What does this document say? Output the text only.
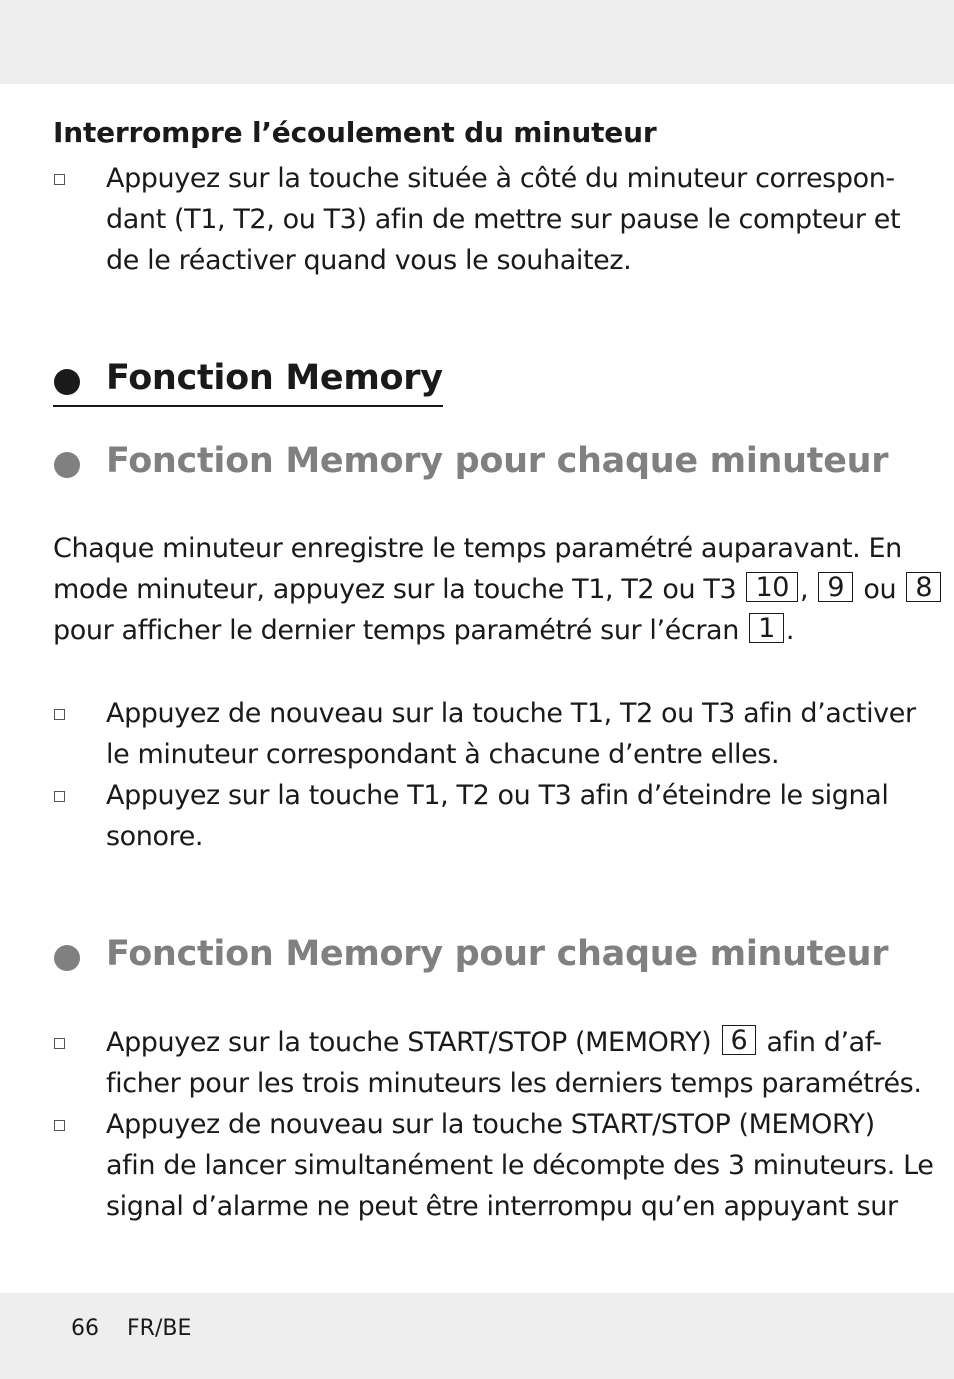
Interrompre l’écoulement du minuteur
Appuyez sur la touche située à côté du minuteur correspon-
dant (T1, T2, ou T3) afin de mettre sur pause le compteur et
de le réactiver quand vous le souhaitez.
Fonction Memory
Fonction Memory pour chaque minuteur
Chaque minuteur enregistre le temps paramétré auparavant. En
mode minuteur, appuyez sur la touche T1, T2 ou T3 10 , 9 ou 8
pour afficher le dernier temps paramétré sur l’écran 1 .
Appuyez de nouveau sur la touche T1, T2 ou T3 afin d’activer
le minuteur correspondant à chacune d’entre elles.
Appuyez sur la touche T1, T2 ou T3 afin d’éteindre le signal
sonore.
Fonction Memory pour chaque minuteur
Appuyez sur la touche START/STOP (MEMORY) 6 afin d’af-
ficher pour les trois minuteurs les derniers temps paramétrés.
Appuyez de nouveau sur la touche START/STOP (MEMORY)
afin de lancer simultanément le décompte des 3 minuteurs. Le
signal d’alarme ne peut être interrompu qu’en appuyant sur
66 FR/BE
